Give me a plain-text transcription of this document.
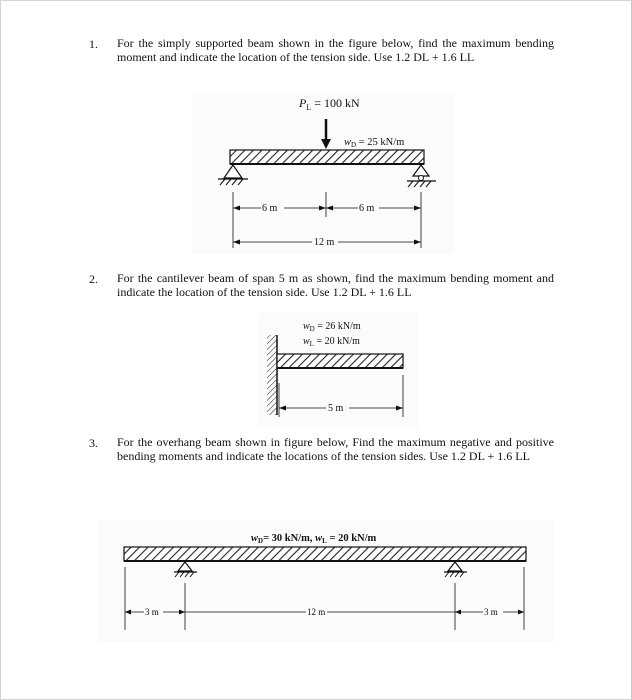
1. For the simply supported beam shown in the figure below, find the maximum bending moment and indicate the location of the tension side. Use 1.2 DL + 1.6 LL
$P_L = 100$ kN
wD = 25 kN/m
6 m	6 m
12 m
2. For the cantilever beam of span 5 m as shown, find the maximum bending moment and indicate the location of the tension side. Use 1.2 DL + 1.6 LL
$w_D = 26$ kN/m
$w_L = 20$ kN/m
5 m
3. For the overhang beam shown in figure below, Find the maximum negative and positive bending moments and indicate the locations of the tension sides. Use 1.2 DL + 1.6 LL
wD= 30 kN/m, wL = 20 kN/m
3 m	12 m	3 m
